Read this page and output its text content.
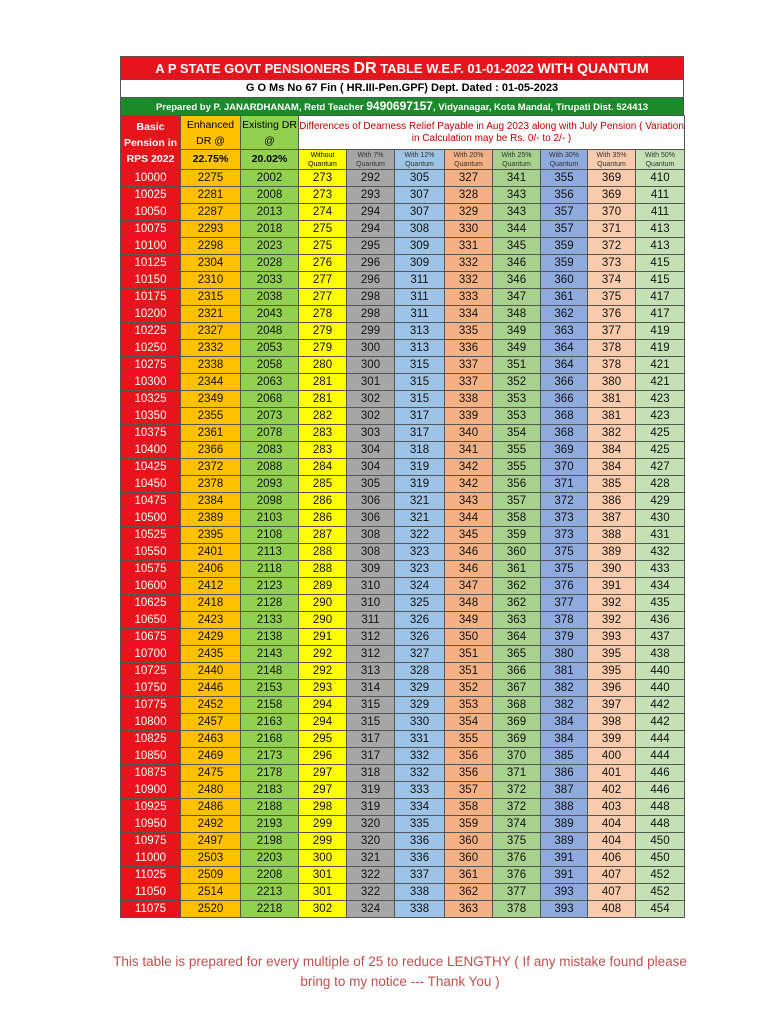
A P STATE GOVT PENSIONERS DR TABLE W.E.F. 01-01-2022 WITH QUANTUM
G O Ms No 67 Fin ( HR.III-Pen.GPF) Dept. Dated : 01-05-2023
Prepared by P. JANARDHANAM, Retd Teacher 9490697157, Vidyanagar, Kota Mandal, Tirupati Dist. 524413
Basic Pension in RPS 2022	Enhanced DR @	Existing DR @	Differences of Dearness Relief Payable in Aug 2023 along with July Pension ( Variation in Calculation may be Rs. 0/- to 2/- )							
	22.75%	20.02%	Without Quantum	With 7% Quantum	With 12% Quantum	With 20% Quantum	With 25% Quantum	With 30% Quantum	With 35% Quantum	With 50% Quantum
10000	2275	2002	273	292	305	327	341	355	369	410
10025	2281	2008	273	293	307	328	343	356	369	411
10050	2287	2013	274	294	307	329	343	357	370	411
10075	2293	2018	275	294	308	330	344	357	371	413
10100	2298	2023	275	295	309	331	345	359	372	413
10125	2304	2028	276	296	309	332	346	359	373	415
10150	2310	2033	277	296	311	332	346	360	374	415
10175	2315	2038	277	298	311	333	347	361	375	417
10200	2321	2043	278	298	311	334	348	362	376	417
10225	2327	2048	279	299	313	335	349	363	377	419
10250	2332	2053	279	300	313	336	349	364	378	419
10275	2338	2058	280	300	315	337	351	364	378	421
10300	2344	2063	281	301	315	337	352	366	380	421
10325	2349	2068	281	302	315	338	353	366	381	423
10350	2355	2073	282	302	317	339	353	368	381	423
10375	2361	2078	283	303	317	340	354	368	382	425
10400	2366	2083	283	304	318	341	355	369	384	425
10425	2372	2088	284	304	319	342	355	370	384	427
10450	2378	2093	285	305	319	342	356	371	385	428
10475	2384	2098	286	306	321	343	357	372	386	429
10500	2389	2103	286	306	321	344	358	373	387	430
10525	2395	2108	287	308	322	345	359	373	388	431
10550	2401	2113	288	308	323	346	360	375	389	432
10575	2406	2118	288	309	323	346	361	375	390	433
10600	2412	2123	289	310	324	347	362	376	391	434
10625	2418	2128	290	310	325	348	362	377	392	435
10650	2423	2133	290	311	326	349	363	378	392	436
10675	2429	2138	291	312	326	350	364	379	393	437
10700	2435	2143	292	312	327	351	365	380	395	438
10725	2440	2148	292	313	328	351	366	381	395	440
10750	2446	2153	293	314	329	352	367	382	396	440
10775	2452	2158	294	315	329	353	368	382	397	442
10800	2457	2163	294	315	330	354	369	384	398	442
10825	2463	2168	295	317	331	355	369	384	399	444
10850	2469	2173	296	317	332	356	370	385	400	444
10875	2475	2178	297	318	332	356	371	386	401	446
10900	2480	2183	297	319	333	357	372	387	402	446
10925	2486	2188	298	319	334	358	372	388	403	448
10950	2492	2193	299	320	335	359	374	389	404	448
10975	2497	2198	299	320	336	360	375	389	404	450
11000	2503	2203	300	321	336	360	376	391	406	450
11025	2509	2208	301	322	337	361	376	391	407	452
11050	2514	2213	301	322	338	362	377	393	407	452
11075	2520	2218	302	324	338	363	378	393	408	454
This table is prepared for every multiple of 25 to reduce LENGTHY ( If any mistake found please
bring to my notice --- Thank You )
